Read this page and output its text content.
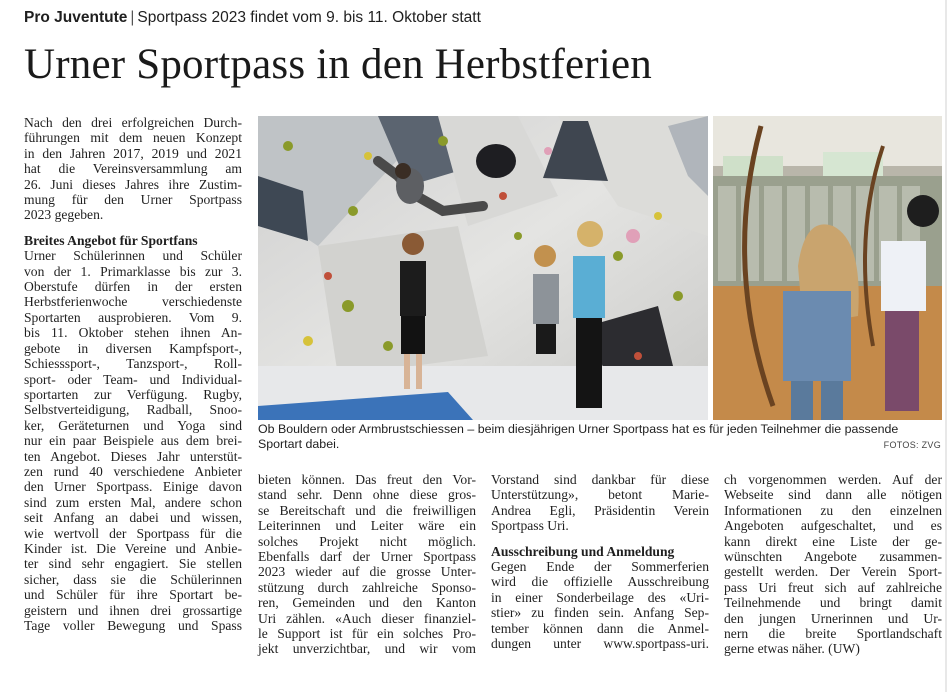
Pro Juventute | Sportpass 2023 findet vom 9. bis 11. Oktober statt
Urner Sportpass in den Herbstferien

Nach den drei erfolgreichen Durch-
führungen mit dem neuen Konzept
in den Jahren 2017, 2019 und 2021
hat die Vereinsversammlung am
26. Juni dieses Jahres ihre Zustim-
mung für den Urner Sportpass
2023 gegeben.

Breites Angebot für Sportfans

Urner Schülerinnen und Schüler
von der 1. Primarklasse bis zur 3.
Oberstufe dürfen in der ersten
Herbstferienwoche verschiedenste
Sportarten ausprobieren. Vom 9.
bis 11. Oktober stehen ihnen An-
gebote in diversen Kampfsport-,
Schiesssport-, Tanzsport-, Roll-
sport- oder Team- und Individual-
sportarten zur Verfügung. Rugby,
Selbstverteidigung, Radball, Snoo-
ker, Geräteturnen und Yoga sind
nur ein paar Beispiele aus dem brei-
ten Angebot. Dieses Jahr unterstüt-
zen rund 40 verschiedene Anbieter
den Urner Sportpass. Einige davon
sind zum ersten Mal, andere schon
seit Anfang an dabei und wissen,
wie wertvoll der Sportpass für die
Kinder ist. Die Vereine und Anbie-
ter sind sehr engagiert. Sie stellen
sicher, dass sie die Schülerinnen
und Schüler für ihre Sportart be-
geistern und ihnen drei grossartige
Tage voller Bewegung und Spass

Ob Bouldern oder Armbrustschiessen – beim diesjährigen Urner Sportpass hat es für jeden Teilnehmer die passende Sportart dabei.	FOTOS: ZVG

bieten können. Das freut den Vor-
stand sehr. Denn ohne diese gros-
se Bereitschaft und die freiwilligen
Leiterinnen und Leiter wäre ein
solches Projekt nicht möglich.
Ebenfalls darf der Urner Sportpass
2023 wieder auf die grosse Unter-
stützung durch zahlreiche Sponso-
ren, Gemeinden und den Kanton
Uri zählen. «Auch dieser finanziel-
le Support ist für ein solches Pro-
jekt unverzichtbar, und wir vom

Vorstand sind dankbar für diese
Unterstützung», betont Marie-
Andrea Egli, Präsidentin Verein
Sportpass Uri.

Ausschreibung und Anmeldung

Gegen Ende der Sommerferien
wird die offizielle Ausschreibung
in einer Sonderbeilage des «Uri-
stier» zu finden sein. Anfang Sep-
tember können dann die Anmel-
dungen unter www.sportpass-uri.

ch vorgenommen werden. Auf der
Webseite sind dann alle nötigen
Informationen zu den einzelnen
Angeboten aufgeschaltet, und es
kann direkt eine Liste der ge-
wünschten Angebote zusammen-
gestellt werden. Der Verein Sport-
pass Uri freut sich auf zahlreiche
Teilnehmende und bringt damit
den jungen Urnerinnen und Ur-
nern die breite Sportlandschaft
gerne etwas näher. (UW)
